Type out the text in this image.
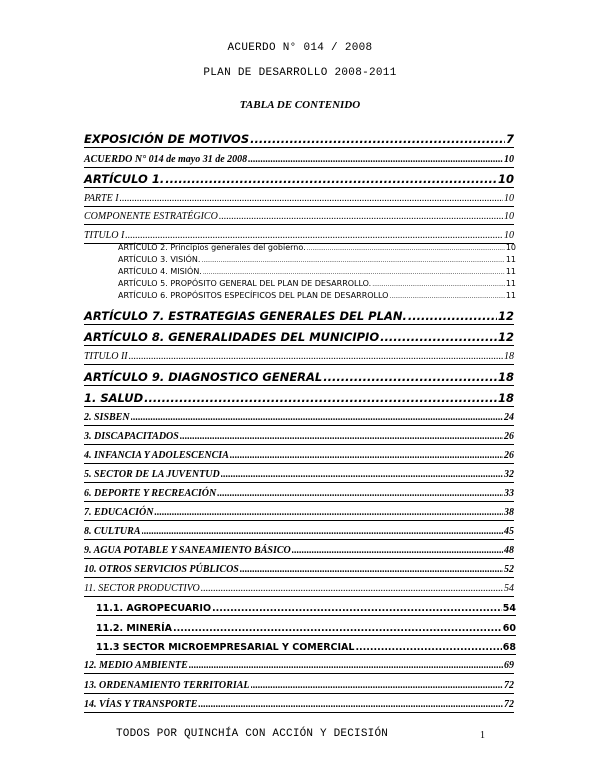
ACUERDO N° 014 / 2008
PLAN DE DESARROLLO 2008-2011
TABLA DE CONTENIDO
EXPOSICIÓN DE MOTIVOS .....	7
ACUERDO N° 014 de mayo 31 de 2008 .....	10
ARTÍCULO 1. .....	10
PARTE I .....	10
COMPONENTE ESTRATÉGICO .....	10
TITULO I .....	10
ARTÍCULO 2. Principios generales del gobierno. .....	10
ARTÍCULO 3. VISIÓN. .....	11
ARTÍCULO 4. MISIÓN. .....	11
ARTÍCULO 5. PROPÓSITO GENERAL DEL PLAN DE DESARROLLO. .....	11
ARTÍCULO 6. PROPÓSITOS ESPECÍFICOS DEL PLAN DE DESARROLLO .....	11
ARTÍCULO 7. ESTRATEGIAS GENERALES DEL PLAN. .....	12
ARTÍCULO 8. GENERALIDADES DEL MUNICIPIO .....	12
TITULO II .....	18
ARTÍCULO 9. DIAGNOSTICO GENERAL .....	18
1. SALUD .....	18
2. SISBEN .....	24
3. DISCAPACITADOS .....	26
4. INFANCIA Y ADOLESCENCIA .....	26
5. SECTOR DE LA JUVENTUD .....	32
6. DEPORTE Y RECREACIÓN .....	33
7. EDUCACIÓN .....	38
8. CULTURA .....	45
9. AGUA POTABLE Y SANEAMIENTO BÁSICO .....	48
10. OTROS SERVICIOS PÚBLICOS .....	52
11. SECTOR PRODUCTIVO .....	54
11.1. AGROPECUARIO .....	54
11.2. MINERÍA .....	60
11.3 SECTOR MICROEMPRESARIAL Y COMERCIAL .....	68
12. MEDIO AMBIENTE .....	69
13. ORDENAMIENTO TERRITORIAL .....	72
14. VÍAS Y TRANSPORTE .....	72
TODOS POR QUINCHÍA CON ACCIÓN Y DECISIÓN	1
